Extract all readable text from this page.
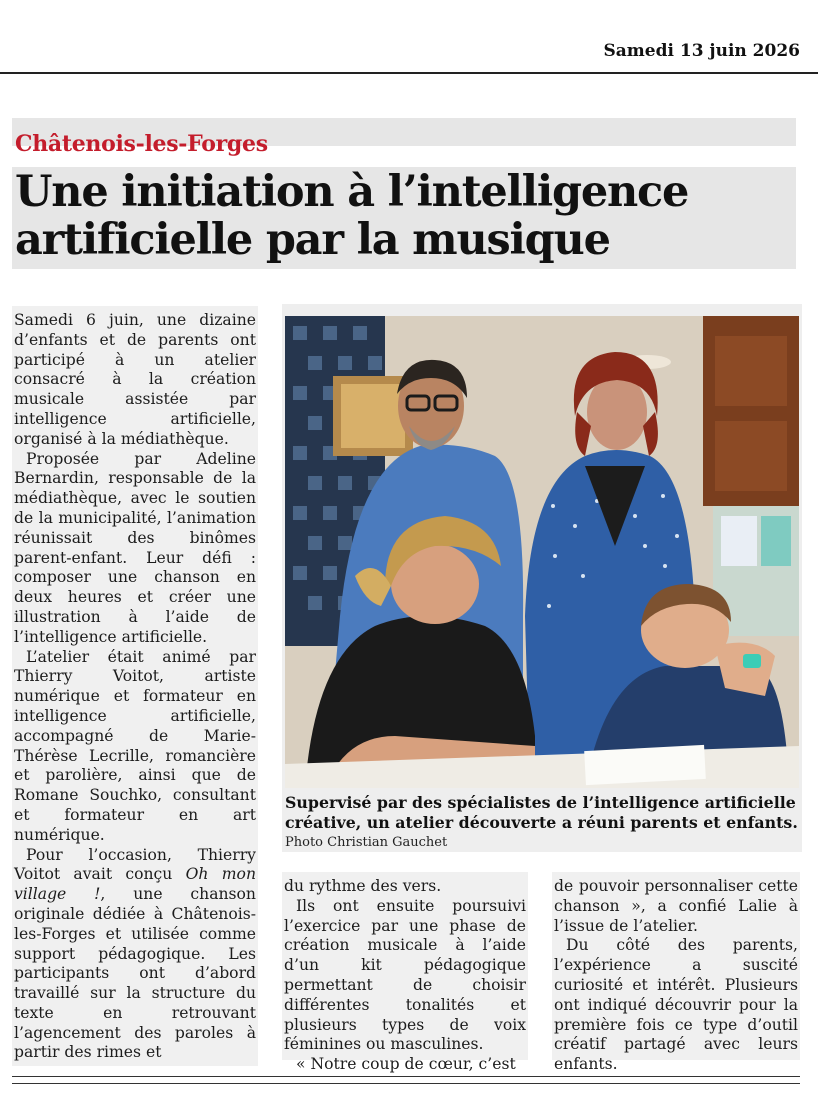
Samedi 13 juin 2026
Châtenois-les-Forges
Une initiation à l’intelligence artificielle par la musique

Samedi 6 juin, une dizaine d’enfants et de parents ont participé à un atelier consacré à la création musicale assistée par intelligence artificielle, organisé à la médiathèque.

Proposée par Adeline Bernardin, responsable de la médiathèque, avec le soutien de la municipalité, l’animation réunissait des binômes parent-enfant. Leur défi : composer une chanson en deux heures et créer une illustration à l’aide de l’intelligence artificielle.

L’atelier était animé par Thierry Voitot, artiste numérique et formateur en intelligence artificielle, accompagné de Marie-Thérèse Lecrille, romancière et parolière, ainsi que de Romane Souchko, consultant et formateur en art numérique.

Pour l’occasion, Thierry Voitot avait conçu Oh mon village !, une chanson originale dédiée à Châtenois-les-Forges et utilisée comme support pédagogique. Les participants ont d’abord travaillé sur la structure du texte en retrouvant l’agencement des paroles à partir des rimes et

Supervisé par des spécialistes de l’intelligence artificielle créative, un atelier découverte a réuni parents et enfants.
Photo Christian Gauchet

du rythme des vers.

Ils ont ensuite poursuivi l’exercice par une phase de création musicale à l’aide d’un kit pédagogique permettant de choisir différentes tonalités et plusieurs types de voix féminines ou masculines.

« Notre coup de cœur, c’est

de pouvoir personnaliser cette chanson », a confié Lalie à l’issue de l’atelier.

Du côté des parents, l’expérience a suscité curiosité et intérêt. Plusieurs ont indiqué découvrir pour la première fois ce type d’outil créatif partagé avec leurs enfants.
